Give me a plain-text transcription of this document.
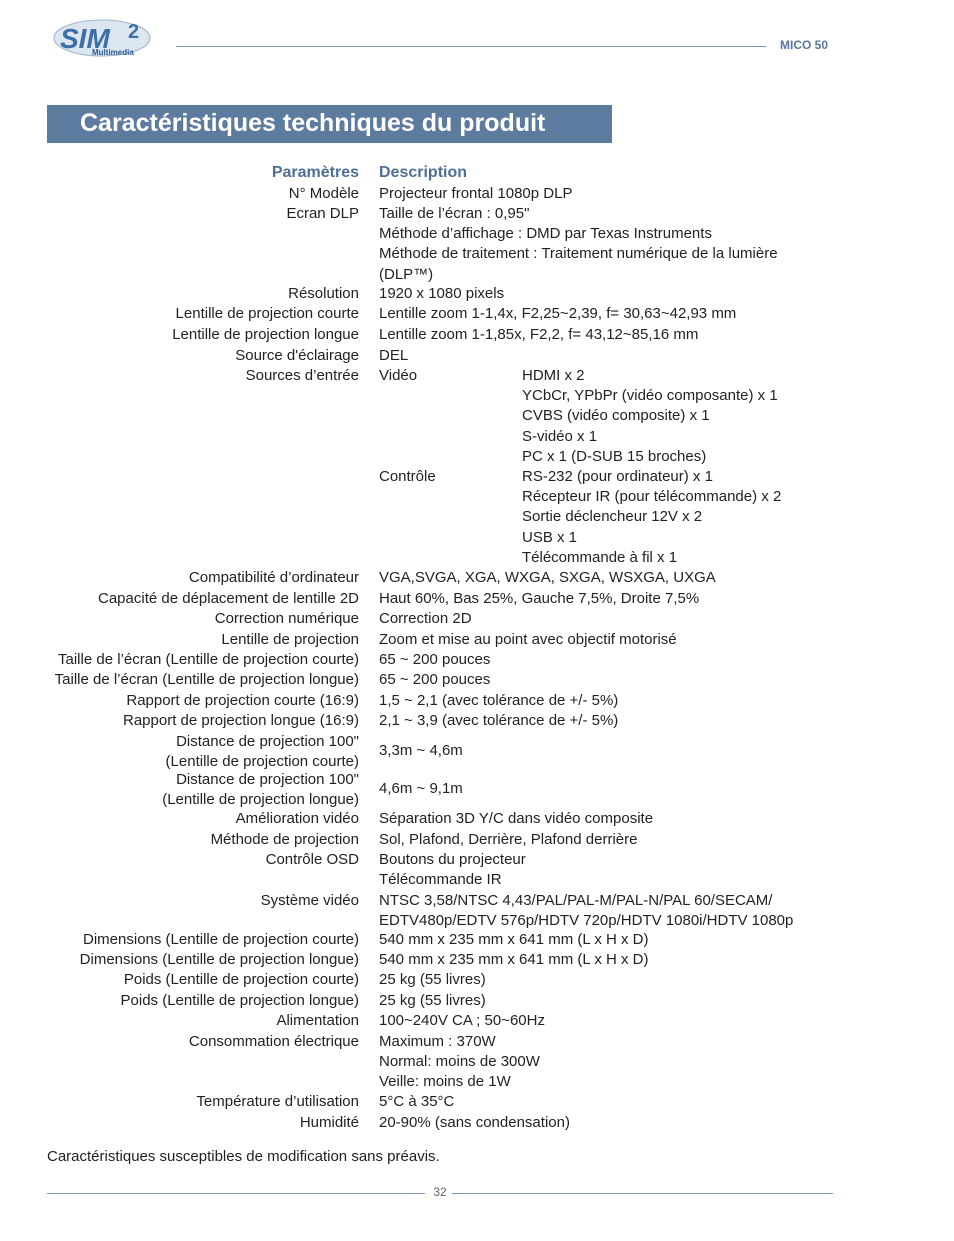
SIM 2
Multimedia
MICO 50
Caractéristiques techniques du produit
Paramètres Description
N° Modèle Projecteur frontal 1080p DLP
Ecran DLP Taille de l’écran : 0,95"
Méthode d’affichage : DMD par Texas Instruments
Méthode de traitement : Traitement numérique de la lumière
(DLP™)
Résolution 1920 x 1080 pixels
Lentille de projection courte Lentille zoom 1-1,4x, F2,25~2,39, f= 30,63~42,93 mm
Lentille de projection longue Lentille zoom 1-1,85x, F2,2, f= 43,12~85,16 mm
Source d'éclairage DEL
Sources d’entrée Vidéo	HDMI x 2
YCbCr, YPbPr (vidéo composante) x 1
CVBS (vidéo composite) x 1
S-vidéo x 1
PC x 1 (D-SUB 15 broches)
Contrôle	RS-232 (pour ordinateur) x 1
Récepteur IR (pour télécommande) x 2
Sortie déclencheur 12V x 2
USB x 1
Télécommande à fil x 1
Compatibilité d’ordinateur VGA,SVGA, XGA, WXGA, SXGA, WSXGA, UXGA
Capacité de déplacement de lentille 2D Haut 60%, Bas 25%, Gauche 7,5%, Droite 7,5%
Correction numérique Correction 2D
Lentille de projection Zoom et mise au point avec objectif motorisé
Taille de l’écran (Lentille de projection courte) 65 ~ 200 pouces
Taille de l’écran (Lentille de projection longue) 65 ~ 200 pouces
Rapport de projection courte (16:9) 1,5 ~ 2,1 (avec tolérance de +/- 5%)
Rapport de projection longue (16:9) 2,1 ~ 3,9 (avec tolérance de +/- 5%)
Distance de projection 100"
(Lentille de projection courte)
3,3m ~ 4,6m
Distance de projection 100"
(Lentille de projection longue)
4,6m ~ 9,1m
Amélioration vidéo Séparation 3D Y/C dans vidéo composite
Méthode de projection Sol, Plafond, Derrière, Plafond derrière
Contrôle OSD Boutons du projecteur
Télécommande IR
Système vidéo NTSC 3,58/NTSC 4,43/PAL/PAL-M/PAL-N/PAL 60/SECAM/
EDTV480p/EDTV 576p/HDTV 720p/HDTV 1080i/HDTV 1080p
Dimensions (Lentille de projection courte) 540 mm x 235 mm x 641 mm (L x H x D)
Dimensions (Lentille de projection longue) 540 mm x 235 mm x 641 mm (L x H x D)
Poids (Lentille de projection courte) 25 kg (55 livres)
Poids (Lentille de projection longue) 25 kg (55 livres)
Alimentation 100~240V CA ; 50~60Hz
Consommation électrique Maximum : 370W
Normal: moins de 300W
Veille: moins de 1W
Température d’utilisation 5°C à 35°C
Humidité 20-90% (sans condensation)
Caractéristiques susceptibles de modification sans préavis.
32
